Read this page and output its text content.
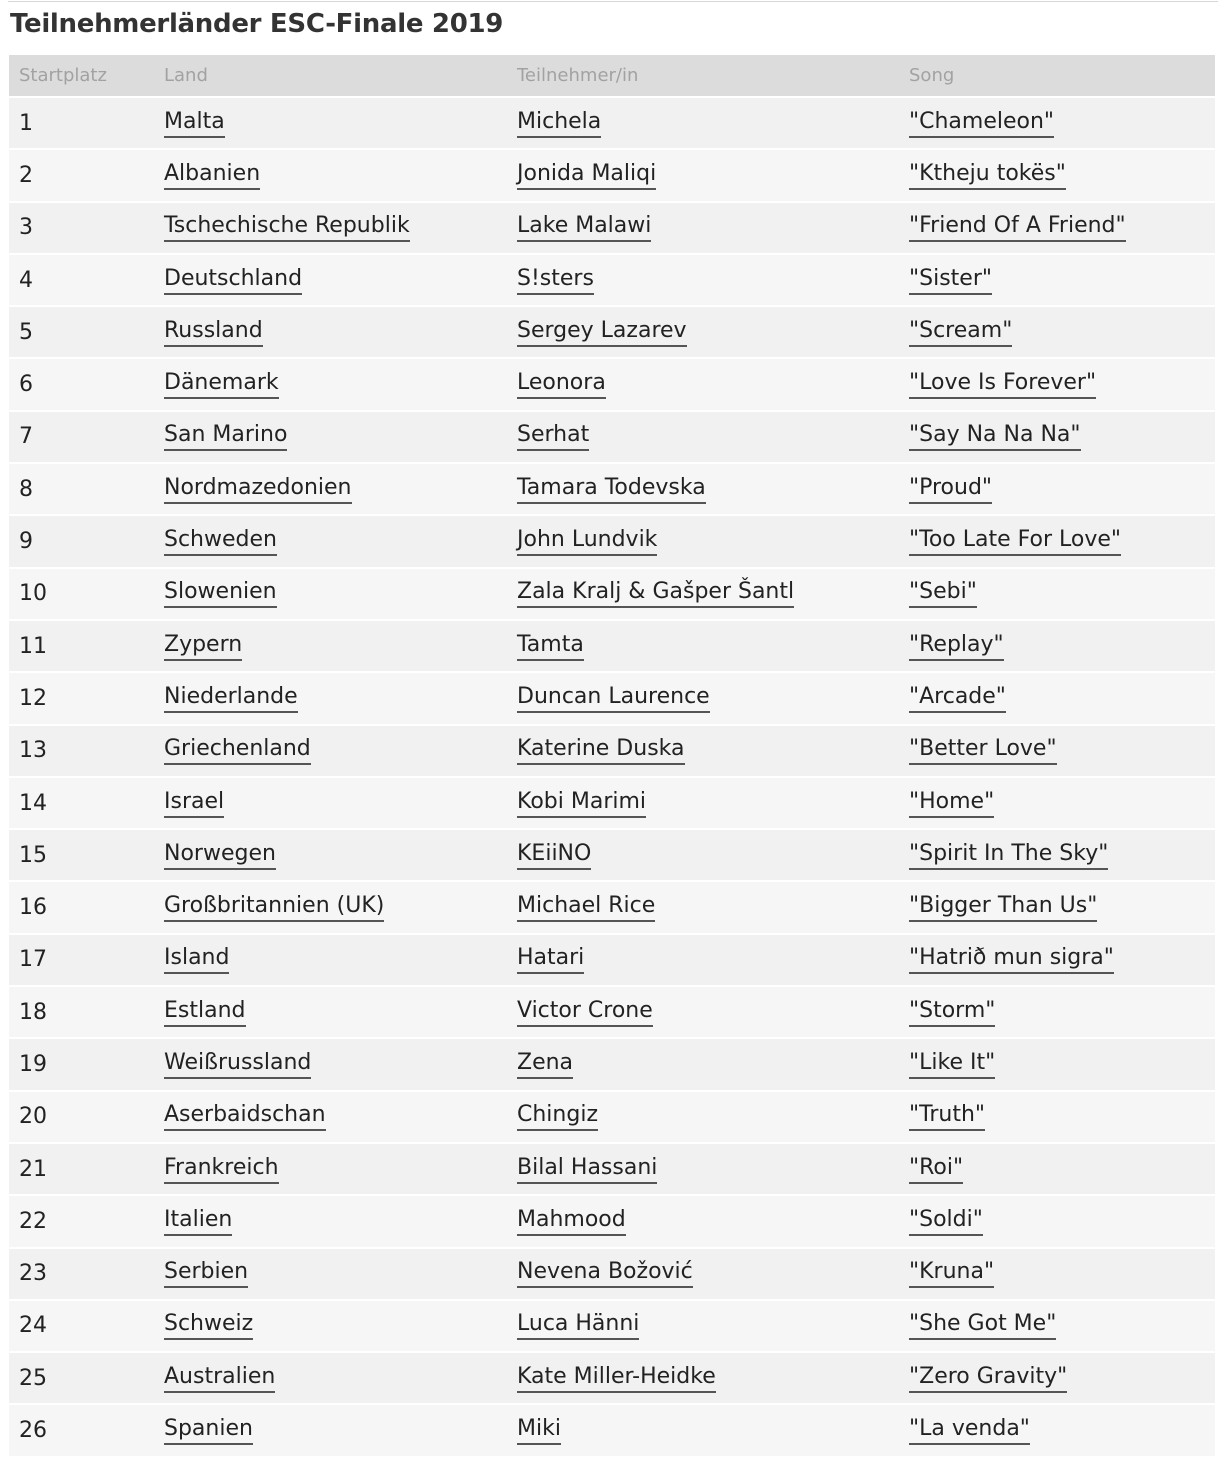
Teilnehmerländer ESC-Finale 2019
Startplatz	Land	Teilnehmer/in	Song
1	Malta	Michela	"Chameleon"
2	Albanien	Jonida Maliqi	"Ktheju tokës"
3	Tschechische Republik	Lake Malawi	"Friend Of A Friend"
4	Deutschland	S!sters	"Sister"
5	Russland	Sergey Lazarev	"Scream"
6	Dänemark	Leonora	"Love Is Forever"
7	San Marino	Serhat	"Say Na Na Na"
8	Nordmazedonien	Tamara Todevska	"Proud"
9	Schweden	John Lundvik	"Too Late For Love"
10	Slowenien	Zala Kralj & Gašper Šantl	"Sebi"
11	Zypern	Tamta	"Replay"
12	Niederlande	Duncan Laurence	"Arcade"
13	Griechenland	Katerine Duska	"Better Love"
14	Israel	Kobi Marimi	"Home"
15	Norwegen	KEiiNO	"Spirit In The Sky"
16	Großbritannien (UK)	Michael Rice	"Bigger Than Us"
17	Island	Hatari	"Hatrið mun sigra"
18	Estland	Victor Crone	"Storm"
19	Weißrussland	Zena	"Like It"
20	Aserbaidschan	Chingiz	"Truth"
21	Frankreich	Bilal Hassani	"Roi"
22	Italien	Mahmood	"Soldi"
23	Serbien	Nevena Božović	"Kruna"
24	Schweiz	Luca Hänni	"She Got Me"
25	Australien	Kate Miller-Heidke	"Zero Gravity"
26	Spanien	Miki	"La venda"
